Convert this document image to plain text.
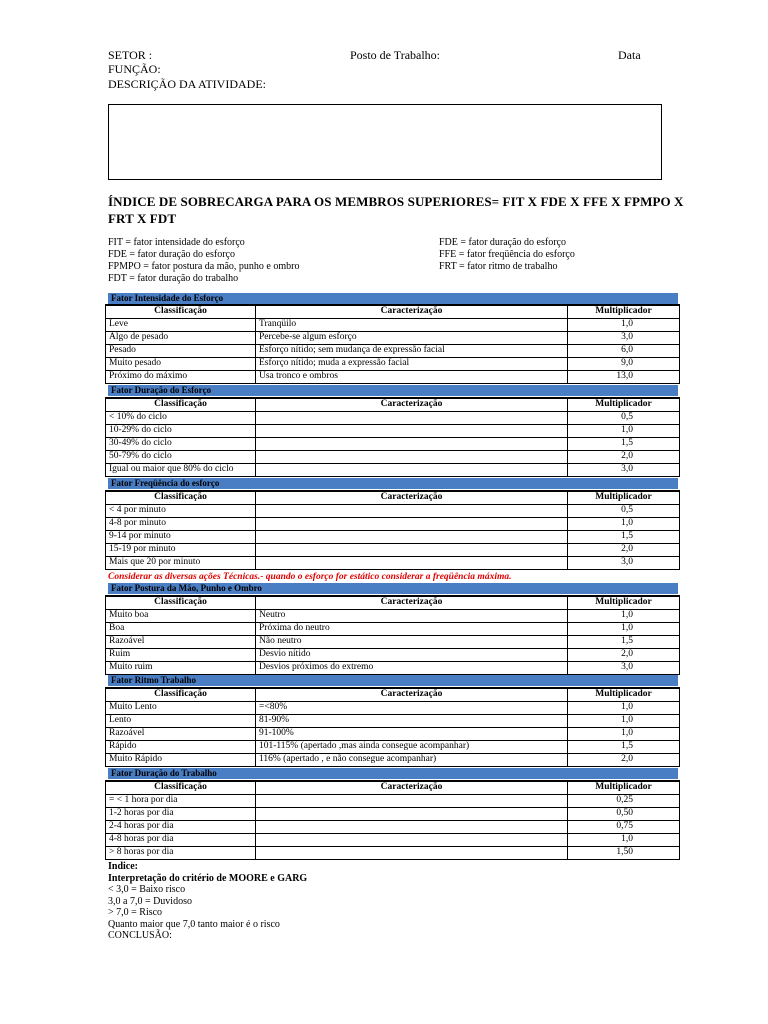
SETOR :	Posto de Trabalho:	Data
FUNÇÃO:
DESCRIÇÃO DA ATIVIDADE:
ÍNDICE DE SOBRECARGA PARA OS MEMBROS SUPERIORES= FIT X FDE X FFE X FPMPO X FRT X FDT
FIT = fator intensidade do esforço
FDE = fator duração do esforço
FPMPO = fator postura da mão, punho e ombro
FDT = fator duração do trabalho
FDE = fator duração do esforço
FFE = fator freqüência do esforço
FRT = fator ritmo de trabalho
Fator Intensidade do Esforço
Classificação	Caracterização	Multiplicador
Leve	Tranqüilo	1,0
Algo de pesado	Percebe-se algum esforço	3,0
Pesado	Esforço nítido; sem mudança de expressão facial	6,0
Muito pesado	Esforço nítido; muda a expressão facial	9,0
Próximo do máximo	Usa tronco e ombros	13,0
Fator Duração do Esforço
Classificação	Caracterização	Multiplicador
< 10% do ciclo		0,5
10-29% do ciclo		1,0
30-49% do ciclo		1,5
50-79% do ciclo		2,0
Igual ou maior que 80% do ciclo		3,0
Fator Freqüência do esforço
Classificação	Caracterização	Multiplicador
< 4 por minuto		0,5
4-8 por minuto		1,0
9-14 por minuto		1,5
15-19 por minuto		2,0
Mais que 20 por minuto		3,0
Considerar as diversas ações Técnicas.- quando o esforço for estático considerar a freqüência máxima.
Fator Postura da Mão, Punho e Ombro
Classificação	Caracterização	Multiplicador
Muito boa	Neutro	1,0
Boa	Próxima do neutro	1,0
Razoável	Não neutro	1,5
Ruim	Desvio nítido	2,0
Muito ruim	Desvios próximos do extremo	3,0
Fator Ritmo Trabalho
Classificação	Caracterização	Multiplicador
Muito Lento	=<80%	1,0
Lento	81-90%	1,0
Razoável	91-100%	1,0
Rápido	101-115% (apertado ,mas ainda consegue acompanhar)	1,5
Muito Rápido	116% (apertado , e não consegue acompanhar)	2,0
Fator Duração do Trabalho
Classificação	Caracterização	Multiplicador
= < 1 hora por dia		0,25
1-2 horas por dia		0,50
2-4 horas por dia		0,75
4-8 horas por dia		1,0
> 8 horas por dia		1,50
Indice:
Interpretação do critério de MOORE e GARG
< 3,0 = Baixo risco
3,0 a 7,0 = Duvidoso
> 7,0 = Risco
Quanto maior que 7,0 tanto maior é o risco
CONCLUSÃO:
